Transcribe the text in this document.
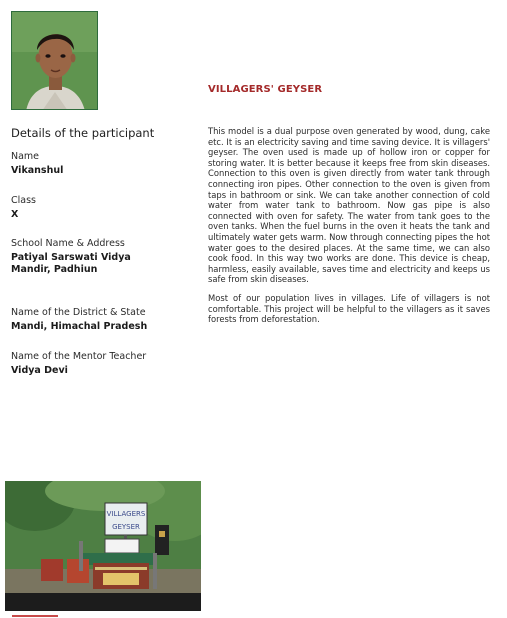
VILLAGERS' GEYSER
Details of the participant
Name
Vikanshul
Class
X
School Name & Address
Patiyal Sarswati Vidya Mandir, Padhiun
Name of the District & State
Mandi, Himachal Pradesh
Name of the Mentor Teacher
Vidya Devi

This model is a dual purpose oven generated by wood, dung, cake etc. It is an electricity saving and time saving device. It is villagers' geyser. The oven used is made up of hollow iron or copper for storing water. It is better because it keeps free from skin diseases. Connection to this oven is given directly from water tank through connecting iron pipes. Other connection to the oven is given from taps in bathroom or sink. We can take another connection of cold water from water tank to bathroom. Now gas pipe is also connected with oven for safety. The water from tank goes to the oven tanks. When the fuel burns in the oven it heats the tank and ultimately water gets warm. Now through connecting pipes the hot water goes to the desired places. At the same time, we can also cook food. In this way two works are done. This device is cheap, harmless, easily available, saves time and electricity and keeps us safe from skin diseases.

Most of our population lives in villages. Life of villagers is not comfortable. This project will be helpful to the villagers as it saves forests from deforestation.

VILLAGERS
GEYSER
